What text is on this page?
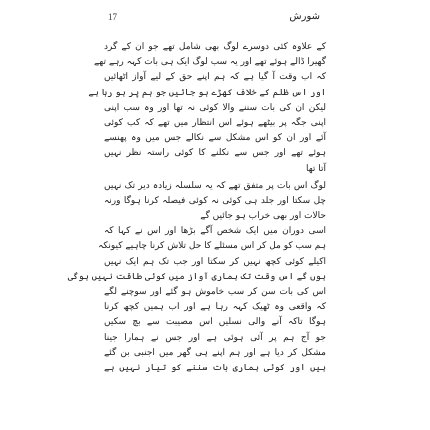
17	شورش
کے علاوہ کئی دوسرے لوگ بھی شامل تھے جو ان کے گرد
گھیرا ڈالے ہوئے تھے اور یہ سب لوگ ایک ہی بات کہہ رہے تھے
کہ اب وقت آ گیا ہے کہ ہم اپنے حق کے لیے آواز اٹھائیں
اور اس ظلم کے خلاف کھڑے ہو جائیں جو ہم پر ہو رہا ہے
لیکن ان کی بات سننے والا کوئی نہ تھا اور وہ سب اپنی
اپنی جگہ پر بیٹھے ہوئے اس انتظار میں تھے کہ کب کوئی
آئے اور ان کو اس مشکل سے نکالے جس میں وہ پھنسے
ہوئے تھے اور جس سے نکلنے کا کوئی راستہ نظر نہیں
آتا تھا
لوگ اس بات پر متفق تھے کہ یہ سلسلہ زیادہ دیر تک نہیں
چل سکتا اور جلد ہی کوئی نہ کوئی فیصلہ کرنا ہوگا ورنہ
حالات اور بھی خراب ہو جائیں گے
اسی دوران میں ایک شخص آگے بڑھا اور اس نے کہا کہ
ہم سب کو مل کر اس مسئلے کا حل تلاش کرنا چاہیے کیونکہ
اکیلے کوئی کچھ نہیں کر سکتا اور جب تک ہم ایک نہیں
ہوں گے اس وقت تک ہماری آواز میں کوئی طاقت نہیں ہوگی
اس کی بات سن کر سب خاموش ہو گئے اور سوچنے لگے
کہ واقعی وہ ٹھیک کہہ رہا ہے اور اب ہمیں کچھ کرنا
ہوگا تاکہ آنے والی نسلیں اس مصیبت سے بچ سکیں
جو آج ہم پر آئی ہوئی ہے اور جس نے ہمارا جینا
مشکل کر دیا ہے اور ہم اپنے ہی گھر میں اجنبی بن گئے
ہیں اور کوئی ہماری بات سننے کو تیار نہیں ہے
